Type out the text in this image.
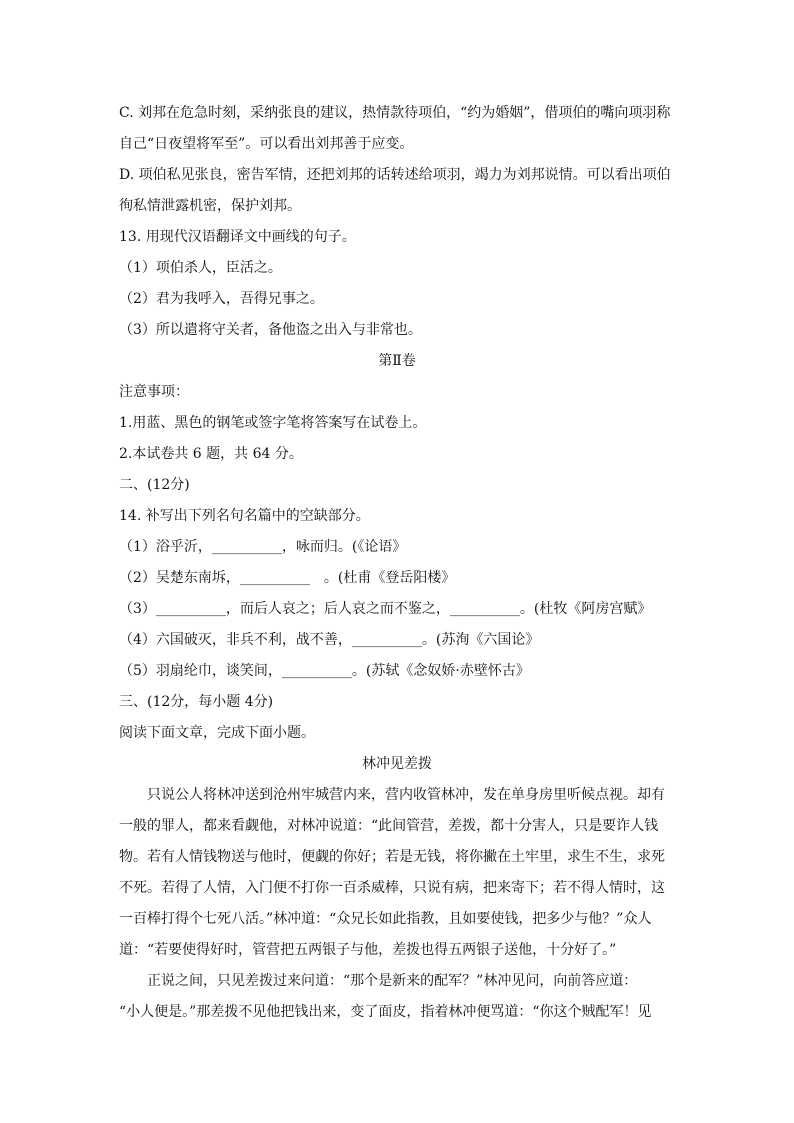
C. 刘邦在危急时刻，采纳张良的建议，热情款待项伯，“约为婚姻”，借项伯的嘴向项羽称
自己“日夜望将军至”。可以看出刘邦善于应变。
D. 项伯私见张良，密告军情，还把刘邦的话转述给项羽，竭力为刘邦说情。可以看出项伯
徇私情泄露机密，保护刘邦。
13. 用现代汉语翻译文中画线的句子。
（1）项伯杀人，臣活之。
（2）君为我呼入，吾得兄事之。
（3）所以遣将守关者，备他盗之出入与非常也。
第Ⅱ卷
注意事项：
1.用蓝、黑色的钢笔或签字笔将答案写在试卷上。
2.本试卷共 6 题，共 64 分。
二、(12分)
14. 补写出下列名句名篇中的空缺部分。
（1）浴乎沂，__________，咏而归。(《论语》
（2）吴楚东南坼，__________　。(杜甫《登岳阳楼》
（3）__________，而后人哀之；后人哀之而不鉴之，__________。(杜牧《阿房宫赋》
（4）六国破灭，非兵不利，战不善，__________。(苏洵《六国论》
（5）羽扇纶巾，谈笑间，__________。(苏轼《念奴娇·赤壁怀古》
三、(12分，每小题 4分)
阅读下面文章，完成下面小题。
林冲见差拨
只说公人将林冲送到沧州牢城营内来，营内收管林冲，发在单身房里听候点视。却有
一般的罪人，都来看觑他，对林冲说道：“此间管营，差拨，都十分害人，只是要诈人钱
物。若有人情钱物送与他时，便觑的你好；若是无钱，将你撇在土牢里，求生不生，求死
不死。若得了人情，入门便不打你一百杀威棒，只说有病，把来寄下；若不得人情时，这
一百棒打得个七死八活。”林冲道：“众兄长如此指教，且如要使钱，把多少与他？”众人
道：“若要使得好时，管营把五两银子与他，差拨也得五两银子送他，十分好了。”
正说之间，只见差拨过来问道：“那个是新来的配军？”林冲见问，向前答应道：
“小人便是。”那差拨不见他把钱出来，变了面皮，指着林冲便骂道：“你这个贼配军！见
